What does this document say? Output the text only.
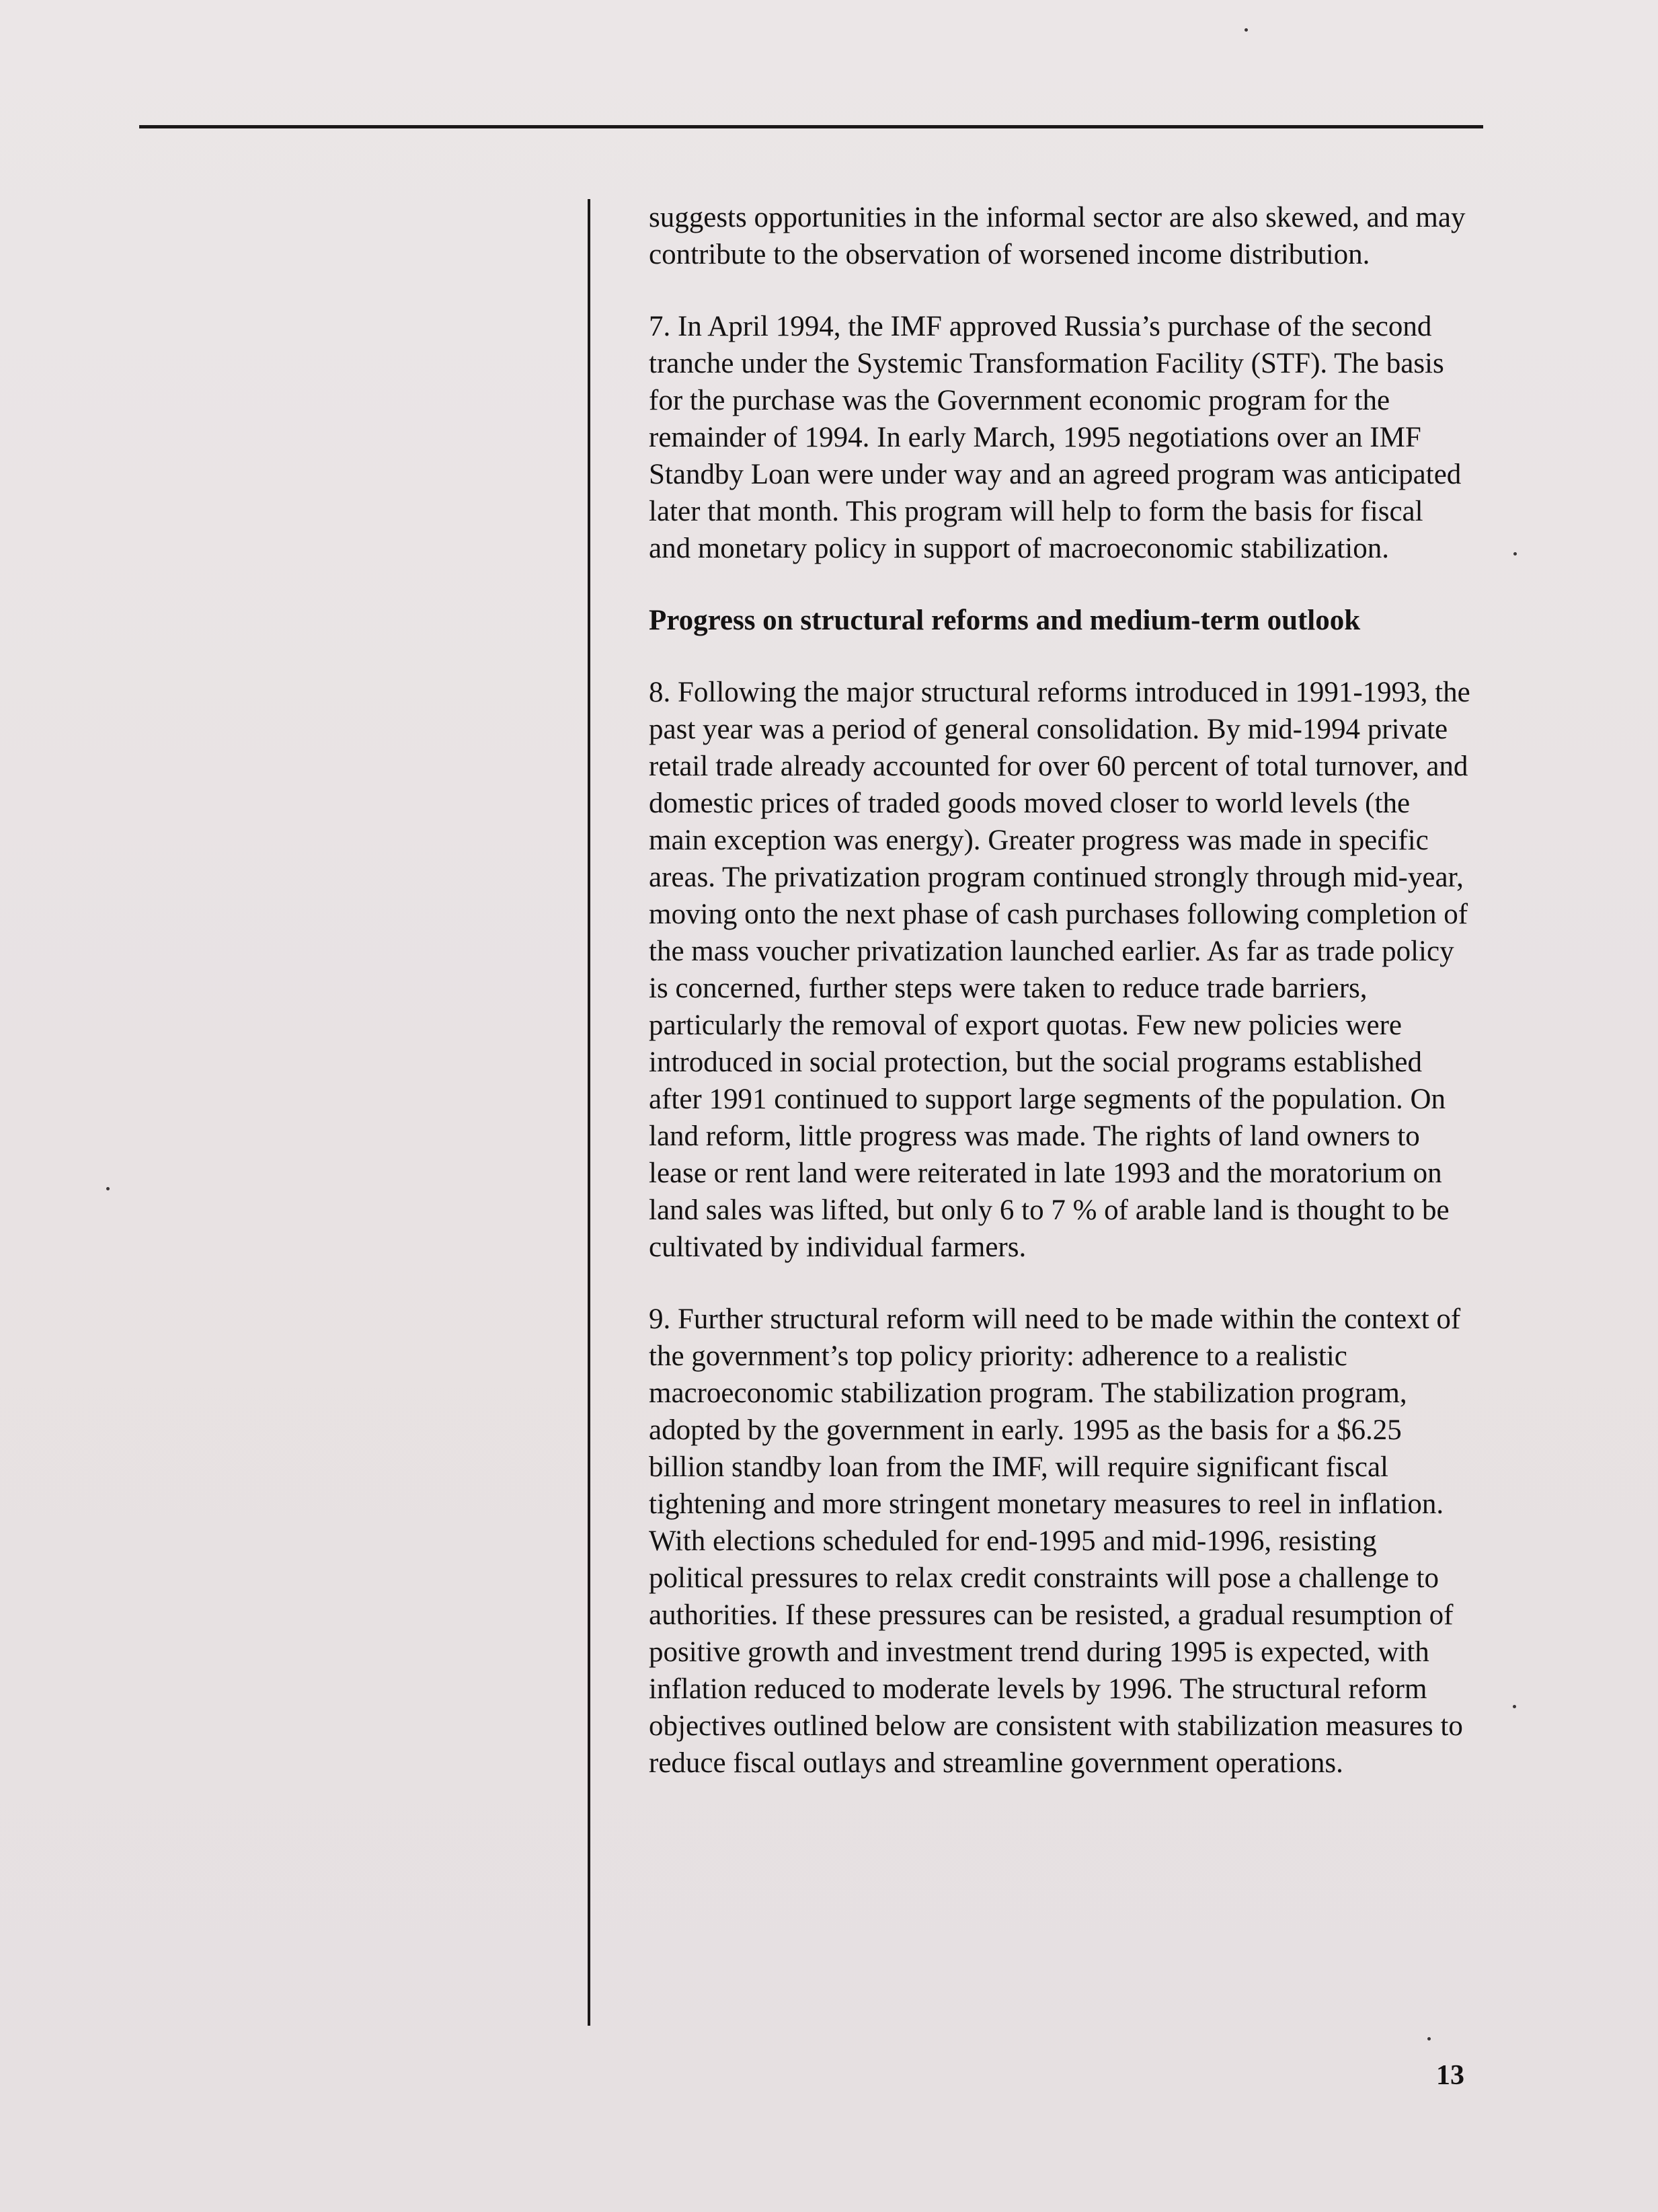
suggests opportunities in the informal sector are also skewed, and may contribute to the observation of worsened income distribution.

7. In April 1994, the IMF approved Russia’s purchase of the second tranche under the Systemic Transformation Facility (STF). The basis for the purchase was the Government economic program for the remainder of 1994. In early March, 1995 negotiations over an IMF Standby Loan were under way and an agreed program was anticipated later that month. This program will help to form the basis for fiscal and monetary policy in support of macroeconomic stabilization.

Progress on structural reforms and medium-term outlook

8. Following the major structural reforms introduced in 1991-1993, the past year was a period of general consolidation. By mid-1994 private retail trade already accounted for over 60 percent of total turnover, and domestic prices of traded goods moved closer to world levels (the main exception was energy). Greater progress was made in specific areas. The privatization program continued strongly through mid-year, moving onto the next phase of cash purchases following completion of the mass voucher privatization launched earlier. As far as trade policy is concerned, further steps were taken to reduce trade barriers, particularly the removal of export quotas. Few new policies were introduced in social protection, but the social programs established after 1991 continued to support large segments of the population. On land reform, little progress was made. The rights of land owners to lease or rent land were reiterated in late 1993 and the moratorium on land sales was lifted, but only 6 to 7 % of arable land is thought to be cultivated by individual farmers.

9. Further structural reform will need to be made within the context of the government’s top policy priority: adherence to a realistic macroeconomic stabilization program. The stabilization program, adopted by the government in early. 1995 as the basis for a $6.25 billion standby loan from the IMF, will require significant fiscal tightening and more stringent monetary measures to reel in inflation. With elections scheduled for end-1995 and mid-1996, resisting political pressures to relax credit constraints will pose a challenge to authorities. If these pressures can be resisted, a gradual resumption of positive growth and investment trend during 1995 is expected, with inflation reduced to moderate levels by 1996. The structural reform objectives outlined below are consistent with stabilization measures to reduce fiscal outlays and streamline government operations.

13
